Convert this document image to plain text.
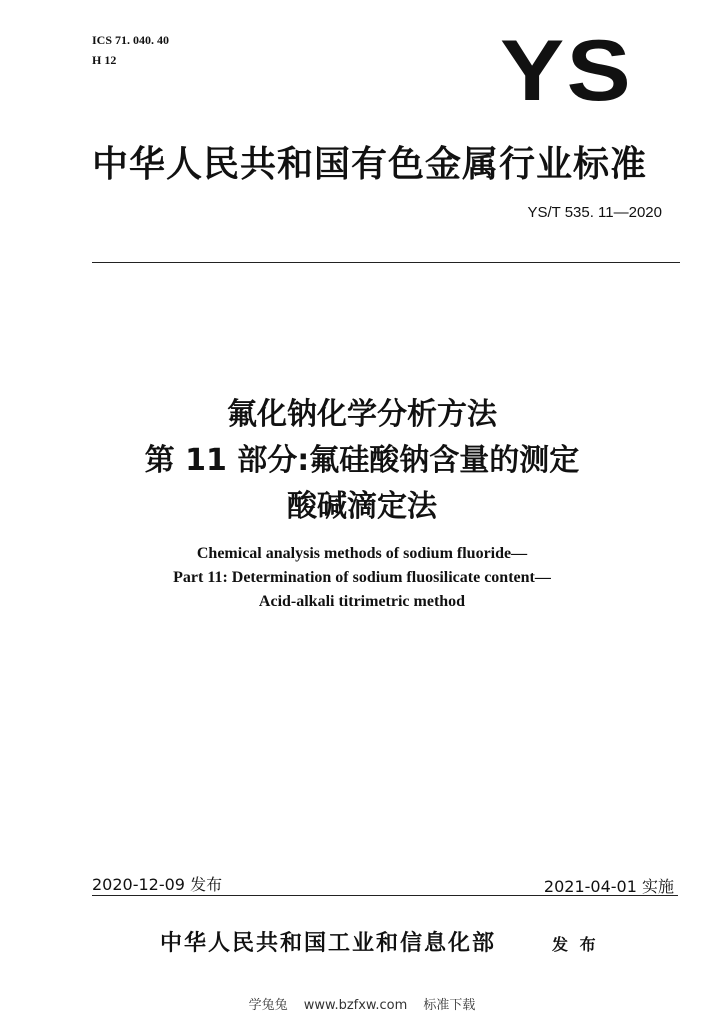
ICS 71. 040. 40
H 12	YS
中华人民共和国有色金属行业标准
YS/T 535. 11—2020
氟化钠化学分析方法
第 11 部分:氟硅酸钠含量的测定
酸碱滴定法
Chemical analysis methods of sodium fluoride—
Part 11: Determination of sodium fluosilicate content—
Acid-alkali titrimetric method
2020-12-09 发布	2021-04-01 实施
中华人民共和国工业和信息化部	发 布
学兔兔 www.bzfxw.com 标准下载
